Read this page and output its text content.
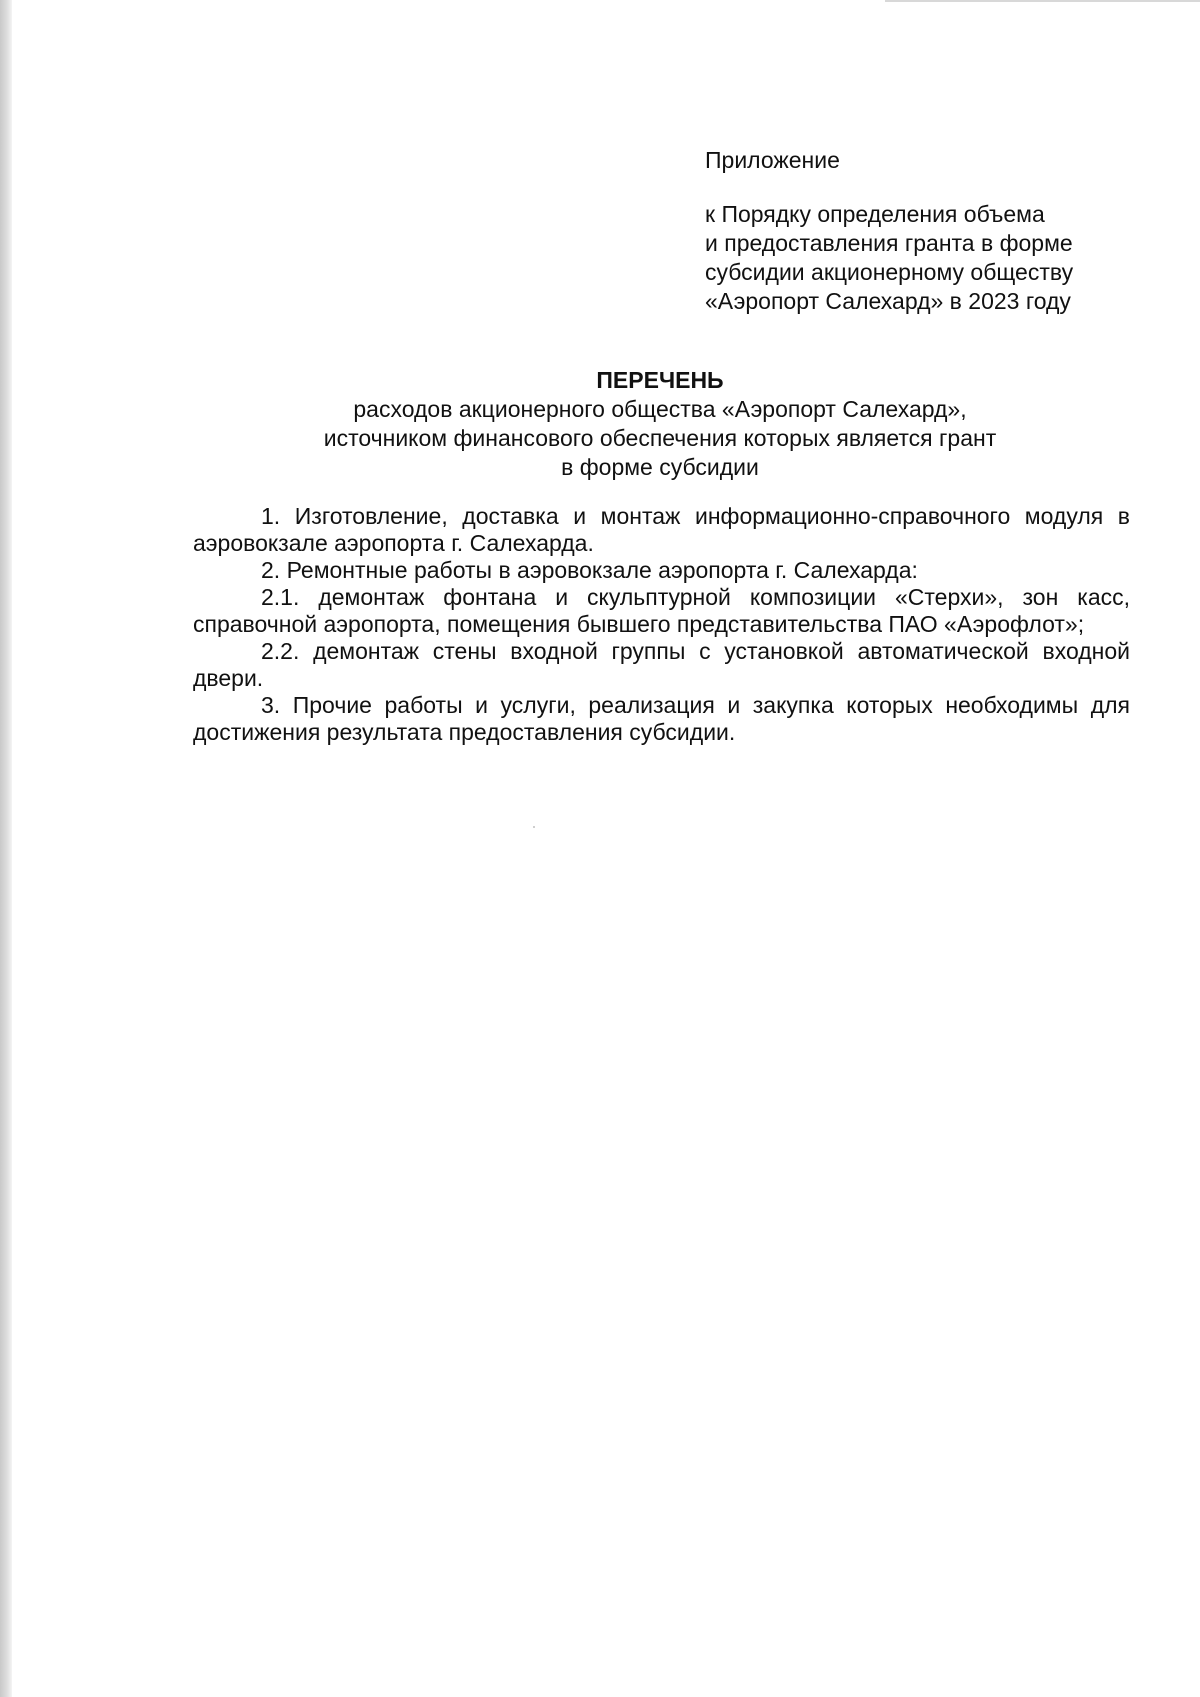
Приложение

к Порядку определения объема

и предоставления гранта в форме

субсидии акционерному обществу

«Аэропорт Салехард» в 2023 году

ПЕРЕЧЕНЬ

расходов акционерного общества «Аэропорт Салехард»,

источником финансового обеспечения которых является грант

в форме субсидии

1. Изготовление, доставка и монтаж информационно-справочного модуля в аэровокзале аэропорта г. Салехарда.

2. Ремонтные работы в аэровокзале аэропорта г. Салехарда:

2.1. демонтаж фонтана и скульптурной композиции «Стерхи», зон касс, справочной аэропорта, помещения бывшего представительства ПАО «Аэрофлот»;

2.2. демонтаж стены входной группы с установкой автоматической входной двери.

3. Прочие работы и услуги, реализация и закупка которых необходимы для достижения результата предоставления субсидии.
